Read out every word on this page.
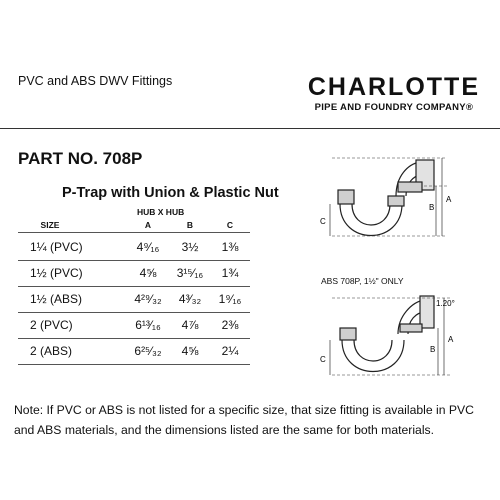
PVC and ABS DWV Fittings	CHARLOTTE
PIPE AND FOUNDRY COMPANY®
PART NO. 708P
P-Trap with Union & Plastic Nut
HUB X HUB
SIZE	A	B	C
1¼ (PVC)	4⁹⁄₁₆	3½	1⅜
1½ (PVC)	4⅝	3¹⁵⁄₁₆	1¾
1½ (ABS)	4²⁹⁄₃₂	4³⁄₃₂	1⁹⁄₁₆
2 (PVC)	6¹³⁄₁₆	4⅞	2⅜
2 (ABS)	6²⁵⁄₃₂	4⅝	2¼
A
B
C
ABS 708P, 1½" ONLY
A
B
C
1.20°
Note: If PVC or ABS is not listed for a specific size, that size fitting is available in PVC and ABS materials, and the dimensions listed are the same for both materials.
